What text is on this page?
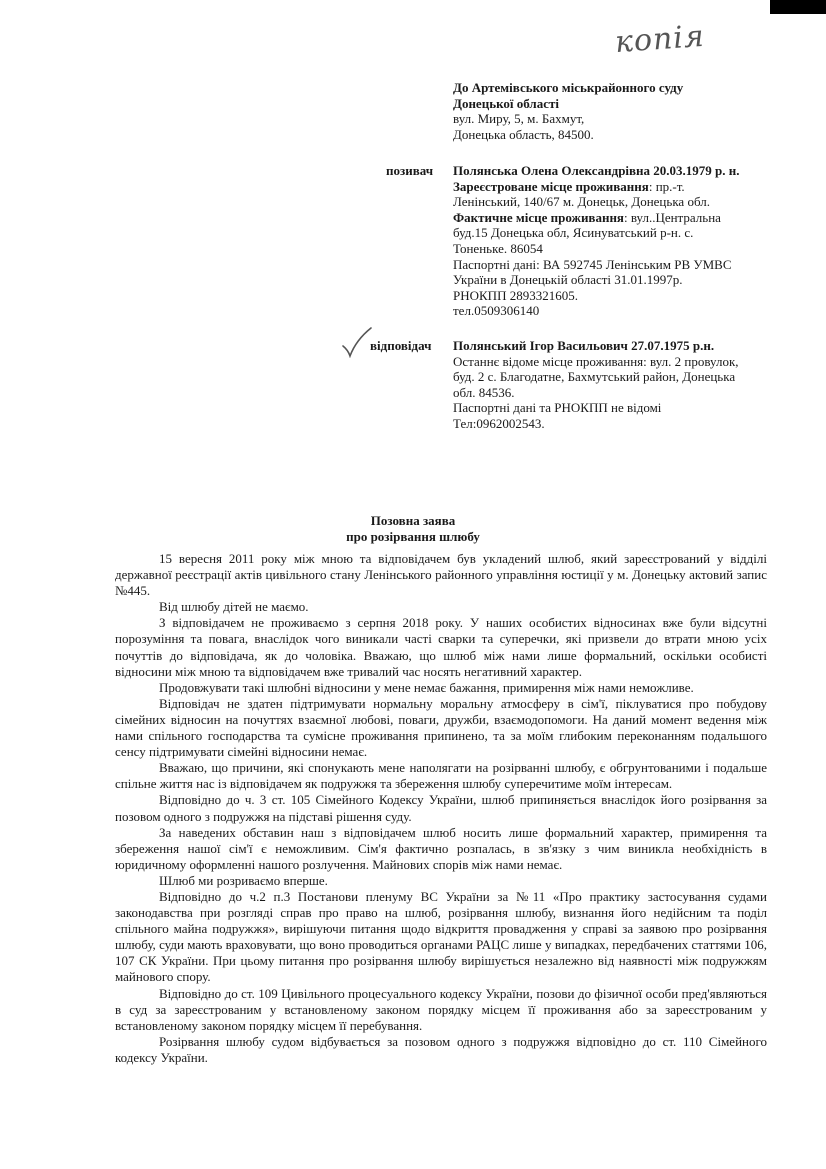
копія

До Артемівського міськрайонного суду

Донецької області

вул. Миру, 5, м. Бахмут,

Донецька область, 84500.

позивач Полянська Олена Олександрівна 20.03.1979 р. н.

Зареєстроване місце проживання: пр.-т.

Ленінський, 140/67 м. Донецьк, Донецька обл.

Фактичне місце проживання: вул..Центральна

буд.15 Донецька обл, Ясинуватський р-н. с.

Тоненьке. 86054

Паспортні дані: ВА 592745 Ленінським РВ УМВС

України в Донецькій області 31.01.1997р.

РНОКПП 2893321605.

тел.0509306140

відповідач Полянський Ігор Васильович 27.07.1975 р.н.

Останнє відоме місце проживання: вул. 2 провулок,

буд. 2 с. Благодатне, Бахмутський район, Донецька

обл. 84536.

Паспортні дані та РНОКПП не відомі

Тел:0962002543.

Позовна заява
про розірвання шлюбу

15 вересня 2011 року між мною та відповідачем був укладений шлюб, який зареєстрований у відділі державної реєстрації актів цивільного стану Ленінського районного управління юстиції у м. Донецьку актовий запис №445.

Від шлюбу дітей не маємо.

З відповідачем не проживаємо з серпня 2018 року. У наших особистих відносинах вже були відсутні порозуміння та повага, внаслідок чого виникали часті сварки та суперечки, які призвели до втрати мною усіх почуттів до відповідача, як до чоловіка. Вважаю, що шлюб між нами лише формальний, оскільки особисті відносини між мною та відповідачем вже тривалий час носять негативний характер.

Продовжувати такі шлюбні відносини у мене немає бажання, примирення між нами неможливе.

Відповідач не здатен підтримувати нормальну моральну атмосферу в сім'ї, піклуватися про побудову сімейних відносин на почуттях взаємної любові, поваги, дружби, взаємодопомоги. На даний момент ведення між нами спільного господарства та сумісне проживання припинено, та за моїм глибоким переконанням подальшого сенсу підтримувати сімейні відносини немає.

Вважаю, що причини, які спонукають мене наполягати на розірванні шлюбу, є обгрунтованими і подальше спільне життя нас із відповідачем як подружжя та збереження шлюбу суперечитиме моїм інтересам.

Відповідно до ч. 3 ст. 105 Сімейного Кодексу України, шлюб припиняється внаслідок його розірвання за позовом одного з подружжя на підставі рішення суду.

За наведених обставин наш з відповідачем шлюб носить лише формальний характер, примирення та збереження нашої сім'ї є неможливим. Сім'я фактично розпалась, в зв'язку з чим виникла необхідність в юридичному оформленні нашого розлучення. Майнових спорів між нами немає.

Шлюб ми розриваємо вперше.

Відповідно до ч.2 п.3 Постанови пленуму ВС України за №11 «Про практику застосування судами законодавства при розгляді справ про право на шлюб, розірвання шлюбу, визнання його недійсним та поділ спільного майна подружжя», вирішуючи питання щодо відкриття провадження у справі за заявою про розірвання шлюбу, суди мають враховувати, що воно проводиться органами РАЦС лише у випадках, передбачених статтями 106, 107 СК України. При цьому питання про розірвання шлюбу вирішується незалежно від наявності між подружжям майнового спору.

Відповідно до ст. 109 Цивільного процесуального кодексу України, позови до фізичної особи пред'являються в суд за зареєстрованим у встановленому законом порядку місцем її проживання або за зареєстрованим у встановленому законом порядку місцем її перебування.

Розірвання шлюбу судом відбувається за позовом одного з подружжя відповідно до ст. 110 Сімейного кодексу України.
